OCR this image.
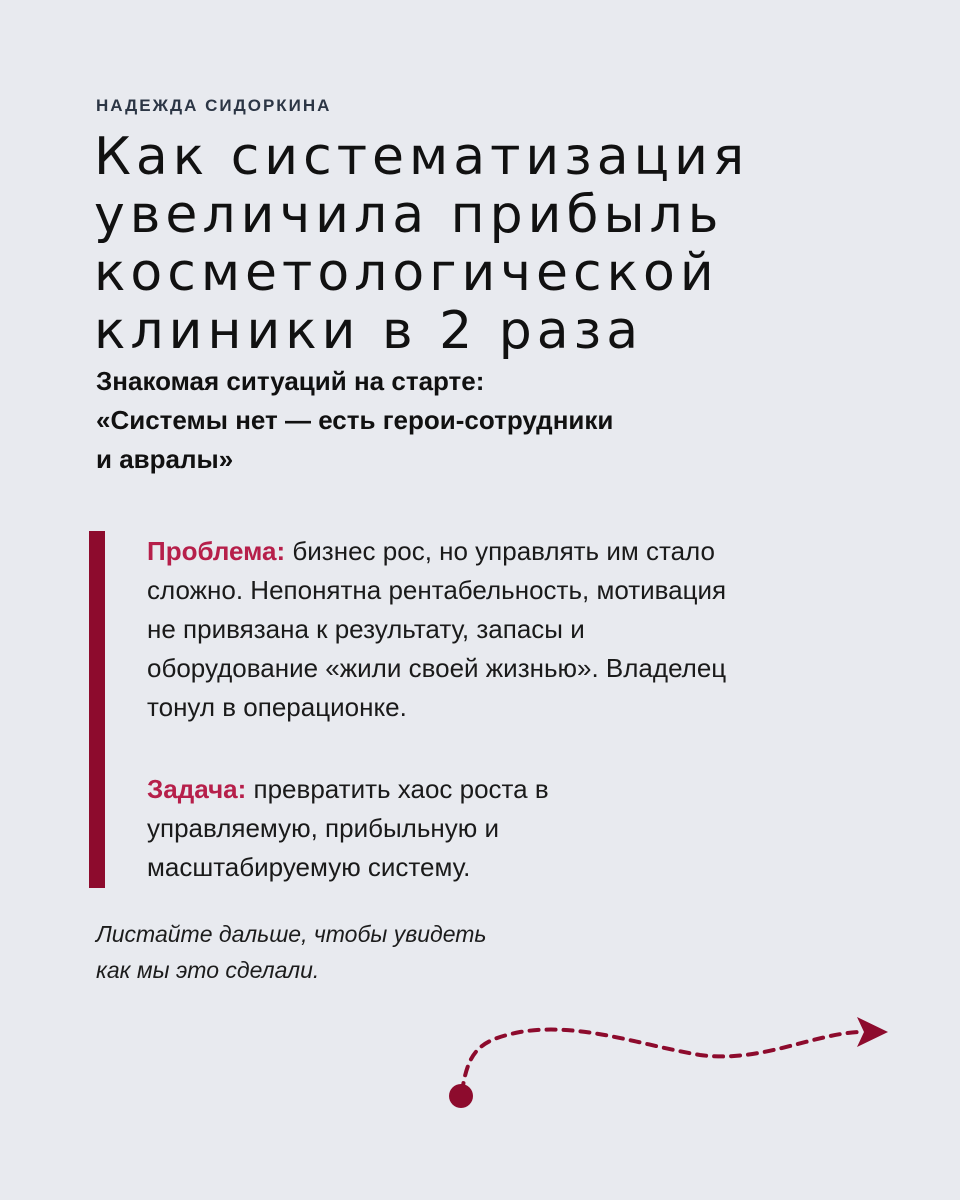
НАДЕЖДА СИДОРКИНА
Как систематизация
увеличила прибыль
косметологической
клиники в 2 раза
Знакомая ситуаций на старте:
«Системы нет — есть герои-сотрудники
и авралы»
Проблема: бизнес рос, но управлять им стало
сложно. Непонятна рентабельность, мотивация
не привязана к результату, запасы и
оборудование «жили своей жизнью». Владелец
тонул в операционке.
Задача: превратить хаос роста в
управляемую, прибыльную и
масштабируемую систему.
Листайте дальше, чтобы увидеть
как мы это сделали.
